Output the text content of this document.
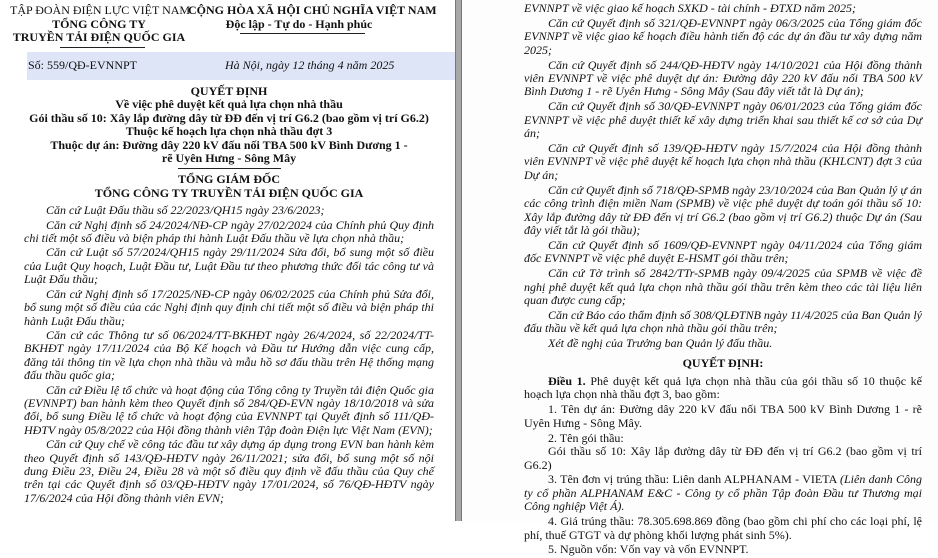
TẬP ĐOÀN ĐIỆN LỰC VIỆT NAM
TỔNG CÔNG TY
TRUYỀN TẢI ĐIỆN QUỐC GIA
CỘNG HÒA XÃ HỘI CHỦ NGHĨA VIỆT NAM
Độc lập - Tự do - Hạnh phúc
Số: 559/QĐ-EVNNPT	Hà Nội, ngày 12 tháng 4 năm 2025
QUYẾT ĐỊNH
Về việc phê duyệt kết quả lựa chọn nhà thầu
Gói thầu số 10: Xây lắp đường dây từ ĐĐ đến vị trí G6.2 (bao gồm vị trí G6.2)
Thuộc kế hoạch lựa chọn nhà thầu đợt 3
Thuộc dự án: Đường dây 220 kV đấu nối TBA 500 kV Bình Dương 1 - rẽ Uyên Hưng - Sông Mây
TỔNG GIÁM ĐỐC
TỔNG CÔNG TY TRUYỀN TẢI ĐIỆN QUỐC GIA

Căn cứ Luật Đấu thầu số 22/2023/QH15 ngày 23/6/2023;

Căn cứ Nghị định số 24/2024/NĐ-CP ngày 27/02/2024 của Chính phủ Quy định chi tiết một số điều và biện pháp thi hành Luật Đấu thầu về lựa chọn nhà thầu;

Căn cứ Luật số 57/2024/QH15 ngày 29/11/2024 Sửa đổi, bổ sung một số điều của Luật Quy hoạch, Luật Đầu tư, Luật Đầu tư theo phương thức đối tác công tư và Luật Đấu thầu;

Căn cứ Nghị định số 17/2025/NĐ-CP ngày 06/02/2025 của Chính phủ Sửa đổi, bổ sung một số điều của các Nghị định quy định chi tiết một số điều và biện pháp thi hành Luật Đấu thầu;

Căn cứ các Thông tư số 06/2024/TT-BKHĐT ngày 26/4/2024, số 22/2024/TT-BKHĐT ngày 17/11/2024 của Bộ Kế hoạch và Đầu tư Hướng dẫn việc cung cấp, đăng tải thông tin về lựa chọn nhà thầu và mẫu hồ sơ đấu thầu trên Hệ thống mạng đấu thầu quốc gia;

Căn cứ Điều lệ tổ chức và hoạt động của Tổng công ty Truyền tải điện Quốc gia (EVNNPT) ban hành kèm theo Quyết định số 284/QĐ-EVN ngày 18/10/2018 và sửa đổi, bổ sung Điều lệ tổ chức và hoạt động của EVNNPT tại Quyết định số 111/QĐ-HĐTV ngày 05/8/2022 của Hội đồng thành viên Tập đoàn Điện lực Việt Nam (EVN);

Căn cứ Quy chế về công tác đầu tư xây dựng áp dụng trong EVN ban hành kèm theo Quyết định số 143/QĐ-HĐTV ngày 26/11/2021; sửa đổi, bổ sung một số nội dung Điều 23, Điều 24, Điều 28 và một số điều quy định về đấu thầu của Quy chế trên tại các Quyết định số 03/QĐ-HĐTV ngày 17/01/2024, số 76/QĐ-HĐTV ngày 17/6/2024 của Hội đồng thành viên EVN;

EVNNPT về việc giao kế hoạch SXKD - tài chính - ĐTXD năm 2025;

Căn cứ Quyết định số 321/QĐ-EVNNPT ngày 06/3/2025 của Tổng giám đốc EVNNPT về việc giao kế hoạch điều hành tiến độ các dự án đầu tư xây dựng năm 2025;

Căn cứ Quyết định số 244/QĐ-HĐTV ngày 14/10/2021 của Hội đồng thành viên EVNNPT về việc phê duyệt dự án: Đường dây 220 kV đấu nối TBA 500 kV Bình Dương 1 - rẽ Uyên Hưng - Sông Mây (Sau đây viết tắt là Dự án);

Căn cứ Quyết định số 30/QĐ-EVNNPT ngày 06/01/2023 của Tổng giám đốc EVNNPT về việc phê duyệt thiết kế xây dựng triển khai sau thiết kế cơ sở của Dự án;

Căn cứ Quyết định số 139/QĐ-HĐTV ngày 15/7/2024 của Hội đồng thành viên EVNNPT về việc phê duyệt kế hoạch lựa chọn nhà thầu (KHLCNT) đợt 3 của Dự án;

Căn cứ Quyết định số 718/QĐ-SPMB ngày 23/10/2024 của Ban Quản lý ự án các công trình điện miền Nam (SPMB) về việc phê duyệt dự toán gói thầu số 10: Xây lắp đường dây từ ĐĐ đến vị trí G6.2 (bao gồm vị trí G6.2) thuộc Dự án (Sau đây viết tắt là gói thầu);

Căn cứ Quyết định số 1609/QĐ-EVNNPT ngày 04/11/2024 của Tổng giám đốc EVNNPT về việc phê duyệt E-HSMT gói thầu trên;

Căn cứ Tờ trình số 2842/TTr-SPMB ngày 09/4/2025 của SPMB về việc đề nghị phê duyệt kết quả lựa chọn nhà thầu gói thầu trên kèm theo các tài liệu liên quan được cung cấp;

Căn cứ Báo cáo thẩm định số 308/QLĐTNB ngày 11/4/2025 của Ban Quản lý đấu thầu về kết quả lựa chọn nhà thầu gói thầu trên;

Xét đề nghị của Trưởng ban Quản lý đấu thầu.

QUYẾT ĐỊNH:

Điều 1. Phê duyệt kết quả lựa chọn nhà thầu của gói thầu số 10 thuộc kế hoạch lựa chọn nhà thầu đợt 3, bao gồm:

1. Tên dự án: Đường dây 220 kV đấu nối TBA 500 kV Bình Dương 1 - rẽ Uyên Hưng - Sông Mây.

2. Tên gói thầu:

Gói thầu số 10: Xây lắp đường dây từ ĐĐ đến vị trí G6.2 (bao gồm vị trí G6.2)

3. Tên đơn vị trúng thầu: Liên danh ALPHANAM - VIETA (Liên danh Công ty cổ phần ALPHANAM E&C - Công ty cổ phần Tập đoàn Đầu tư Thương mại Công nghiệp Việt Á).

4. Giá trúng thầu: 78.305.698.869 đồng (bao gồm chi phí cho các loại phí, lệ phí, thuế GTGT và dự phòng khối lượng phát sinh 5%).

5. Nguồn vốn: Vốn vay và vốn EVNNPT.
